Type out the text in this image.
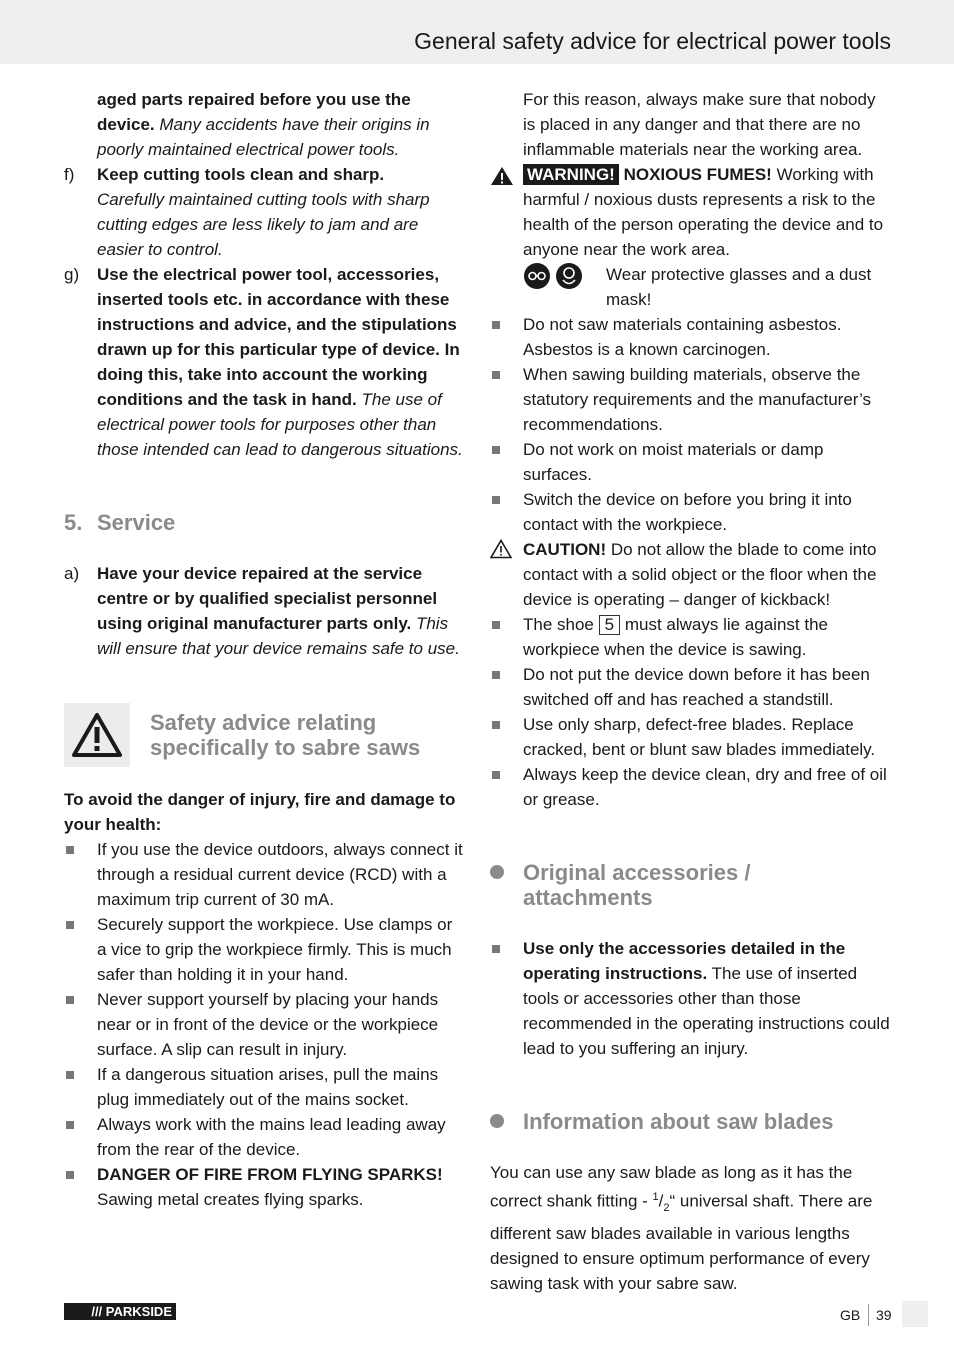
General safety advice for electrical power tools

aged parts repaired before you use the device. Many accidents have their origins in poorly maintained electrical power tools.

f) Keep cutting tools clean and sharp.
Carefully maintained cutting tools with sharp cutting edges are less likely to jam and are easier to control.

g) Use the electrical power tool, accessories, inserted tools etc. in accordance with these instructions and advice, and the stipulations drawn up for this particular type of device. In doing this, take into account the working conditions and the task in hand. The use of electrical power tools for purposes other than those intended can lead to dangerous situations.

5. Service

a) Have your device repaired at the service centre or by qualified specialist personnel using original manufacturer parts only. This will ensure that your device remains safe to use.

Safety advice relating specifically to sabre saws

To avoid the danger of injury, fire and damage to your health:

If you use the device outdoors, always connect it through a residual current device (RCD) with a maximum trip current of 30 mA.

Securely support the workpiece. Use clamps or a vice to grip the workpiece firmly. This is much safer than holding it in your hand.

Never support yourself by placing your hands near or in front of the device or the workpiece surface. A slip can result in injury.

If a dangerous situation arises, pull the mains plug immediately out of the mains socket.

Always work with the mains lead leading away from the rear of the device.

DANGER OF FIRE FROM FLYING SPARKS!
Sawing metal creates flying sparks.

For this reason, always make sure that nobody is placed in any danger and that there are no inflammable materials near the working area.

WARNING! NOXIOUS FUMES! Working with harmful / noxious dusts represents a risk to the health of the person operating the device and to anyone near the work area.

Wear protective glasses and a dust mask!

Do not saw materials containing asbestos. Asbestos is a known carcinogen.

When sawing building materials, observe the statutory requirements and the manufacturer’s recommendations.

Do not work on moist materials or damp surfaces.

Switch the device on before you bring it into contact with the workpiece.

CAUTION! Do not allow the blade to come into contact with a solid object or the floor when the device is operating – danger of kickback!

The shoe 5 must always lie against the workpiece when the device is sawing.

Do not put the device down before it has been switched off and has reached a standstill.

Use only sharp, defect-free blades. Replace cracked, bent or blunt saw blades immediately.

Always keep the device clean, dry and free of oil or grease.

Original accessories / attachments

Use only the accessories detailed in the operating instructions. The use of inserted tools or accessories other than those recommended in the operating instructions could lead to you suffering an injury.

Information about saw blades

You can use any saw blade as long as it has the correct shank fitting - $^1/_2“$ universal shaft. There are different saw blades available in various lengths designed to ensure optimum performance of every sawing task with your sabre saw.

/// PARKSIDE	GB 39
